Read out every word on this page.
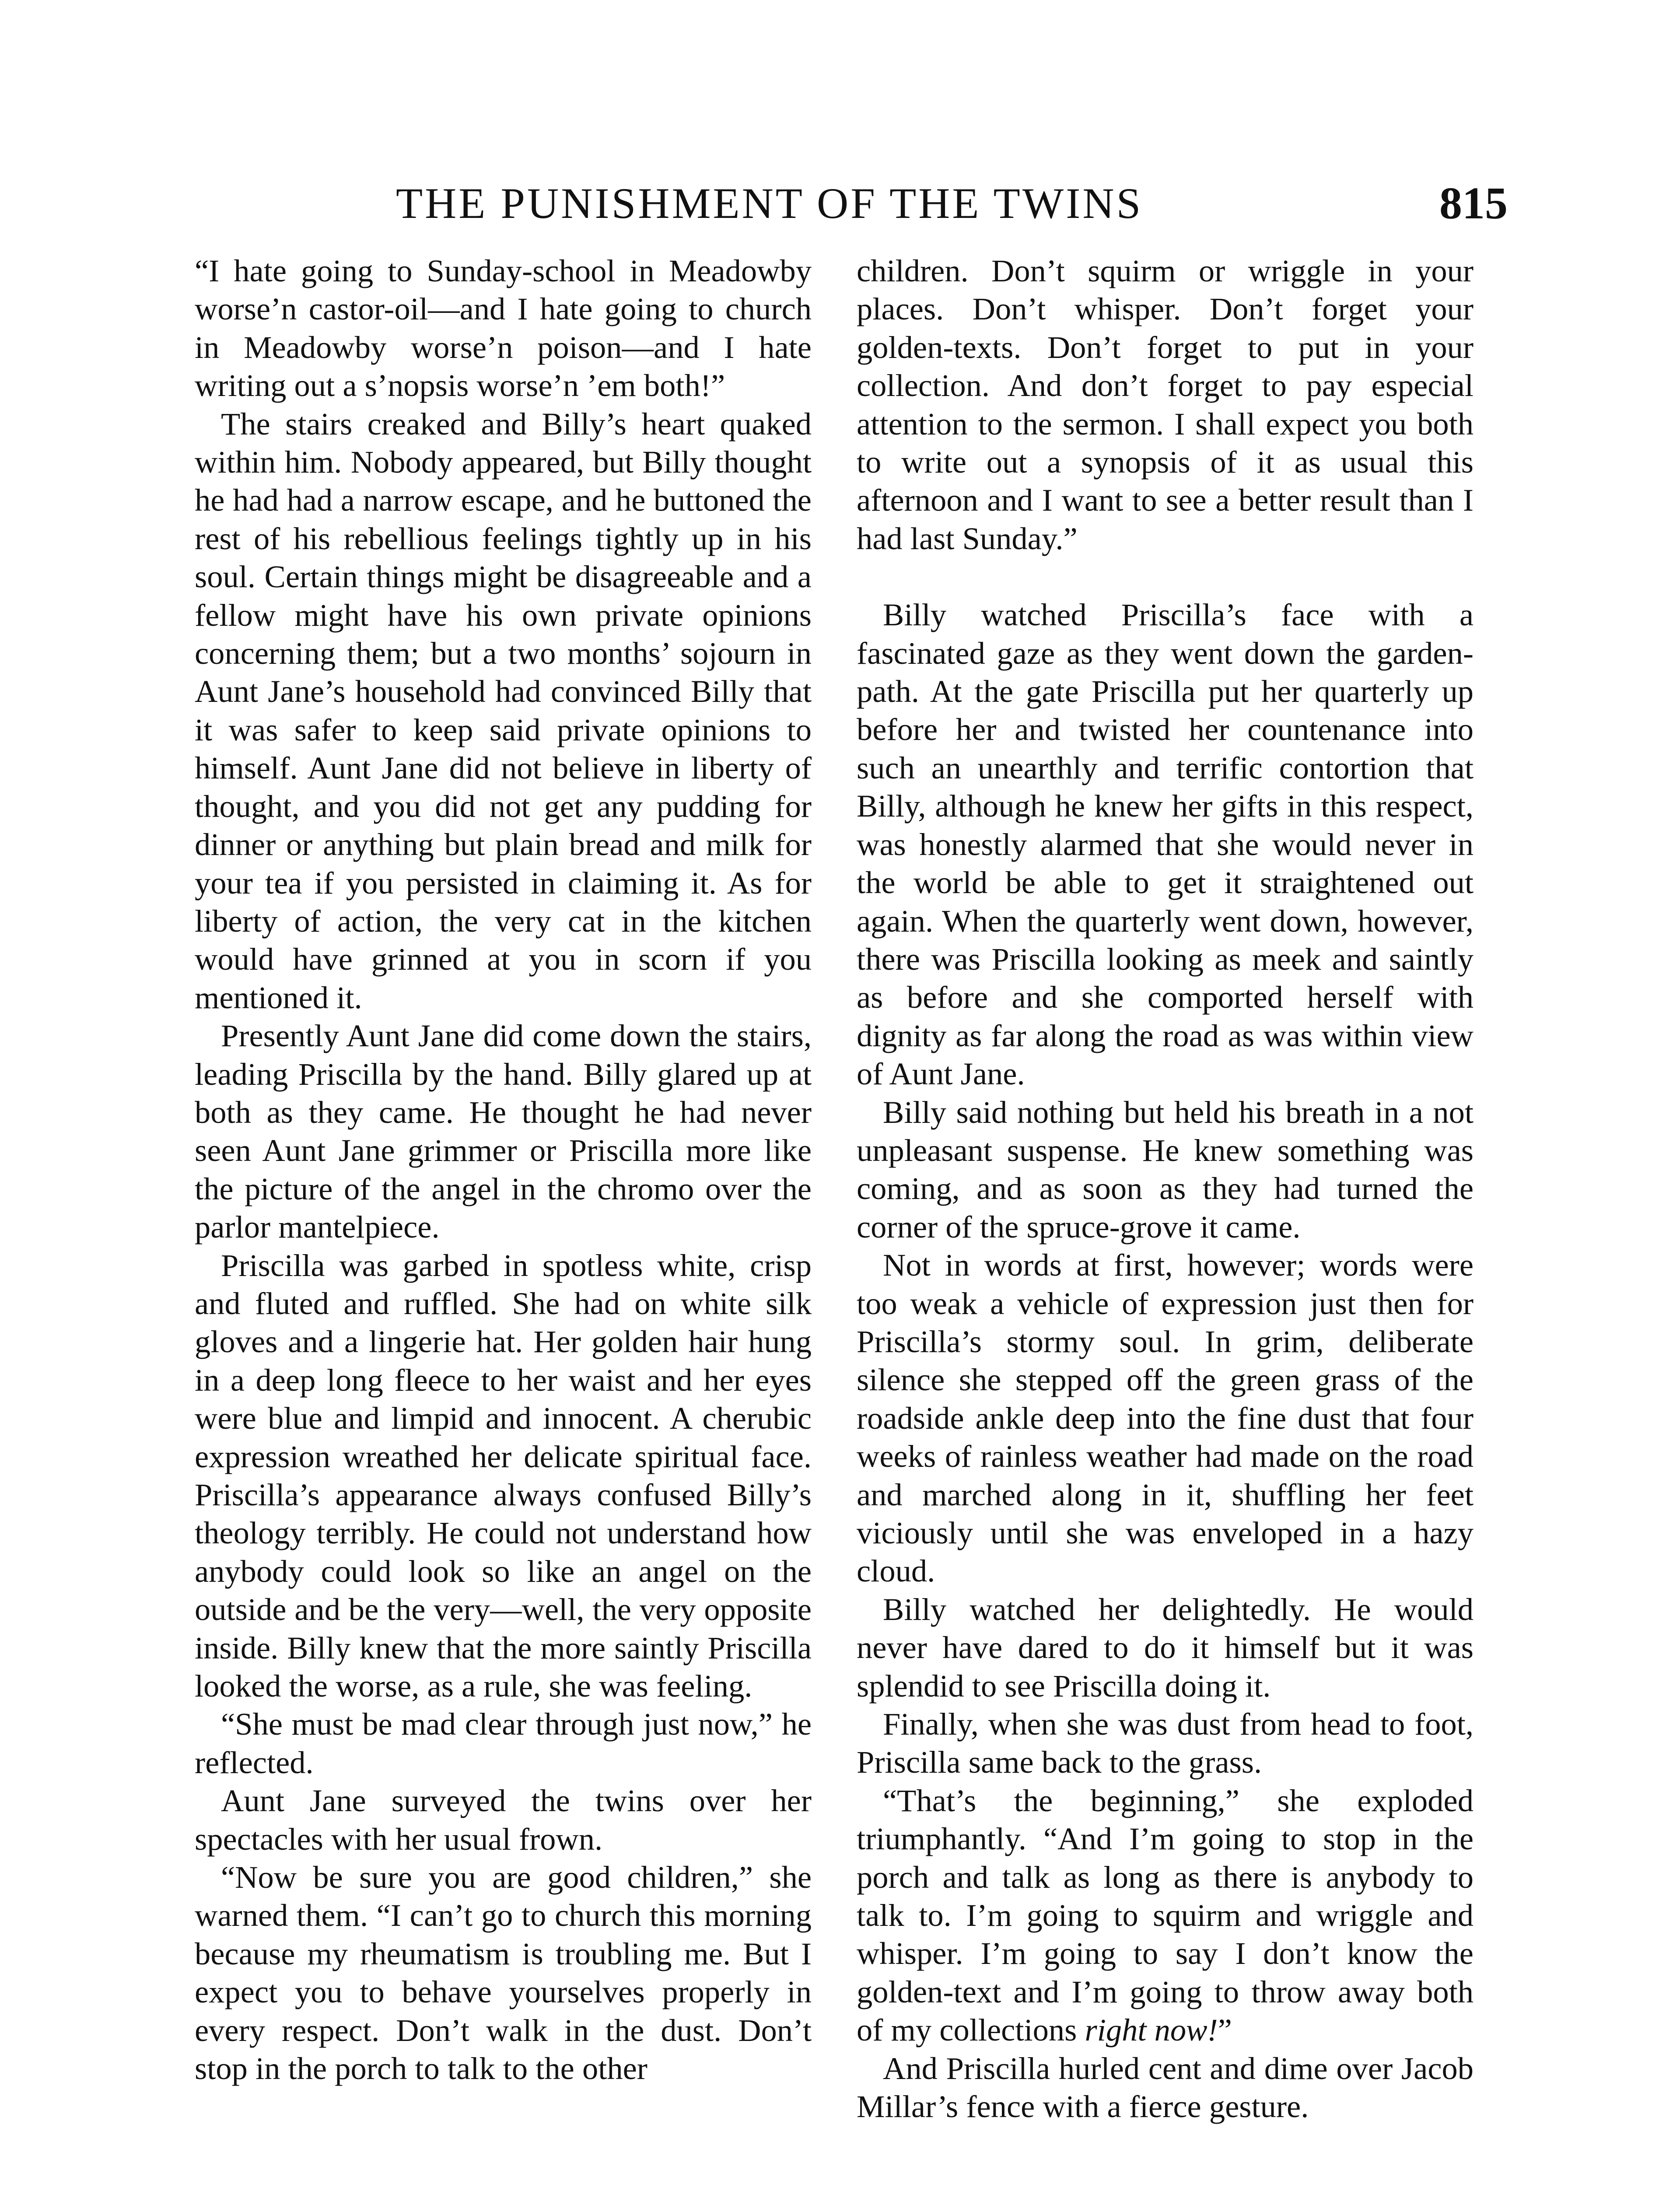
THE PUNISHMENT OF THE TWINS	815

“I hate going to Sunday-school in Meadowby worse’n castor-oil—and I hate going to church in Meadowby worse’n poison—and I hate writing out a s’nopsis worse’n ’em both!”

The stairs creaked and Billy’s heart quaked within him. Nobody appeared, but Billy thought he had had a narrow escape, and he buttoned the rest of his rebellious feelings tightly up in his soul. Certain things might be disagreeable and a fellow might have his own private opinions concerning them; but a two months’ sojourn in Aunt Jane’s household had convinced Billy that it was safer to keep said private opinions to himself. Aunt Jane did not believe in liberty of thought, and you did not get any pudding for dinner or anything but plain bread and milk for your tea if you persisted in claiming it. As for liberty of action, the very cat in the kitchen would have grinned at you in scorn if you mentioned it.

Presently Aunt Jane did come down the stairs, leading Priscilla by the hand. Billy glared up at both as they came. He thought he had never seen Aunt Jane grimmer or Priscilla more like the picture of the angel in the chromo over the parlor mantelpiece.

Priscilla was garbed in spotless white, crisp and fluted and ruffled. She had on white silk gloves and a lingerie hat. Her golden hair hung in a deep long fleece to her waist and her eyes were blue and limpid and innocent. A cherubic expression wreathed her delicate spiritual face. Priscilla’s appearance always confused Billy’s theology terribly. He could not understand how anybody could look so like an angel on the outside and be the very—well, the very opposite inside. Billy knew that the more saintly Priscilla looked the worse, as a rule, she was feeling.

“She must be mad clear through just now,” he reflected.

Aunt Jane surveyed the twins over her spectacles with her usual frown.

“Now be sure you are good children,” she warned them. “I can’t go to church this morning because my rheumatism is troubling me. But I expect you to behave yourselves properly in every respect. Don’t walk in the dust. Don’t stop in the porch to talk to the other

children. Don’t squirm or wriggle in your places. Don’t whisper. Don’t forget your golden-texts. Don’t forget to put in your collection. And don’t forget to pay especial attention to the sermon. I shall expect you both to write out a synopsis of it as usual this afternoon and I want to see a better result than I had last Sunday.”

Billy watched Priscilla’s face with a fascinated gaze as they went down the garden-path. At the gate Priscilla put her quarterly up before her and twisted her countenance into such an unearthly and terrific contortion that Billy, although he knew her gifts in this respect, was honestly alarmed that she would never in the world be able to get it straightened out again. When the quarterly went down, however, there was Priscilla looking as meek and saintly as before and she comported herself with dignity as far along the road as was within view of Aunt Jane.

Billy said nothing but held his breath in a not unpleasant suspense. He knew something was coming, and as soon as they had turned the corner of the spruce-grove it came.

Not in words at first, however; words were too weak a vehicle of expression just then for Priscilla’s stormy soul. In grim, deliberate silence she stepped off the green grass of the roadside ankle deep into the fine dust that four weeks of rainless weather had made on the road and marched along in it, shuffling her feet viciously until she was enveloped in a hazy cloud.

Billy watched her delightedly. He would never have dared to do it himself but it was splendid to see Priscilla doing it.

Finally, when she was dust from head to foot, Priscilla same back to the grass.

“That’s the beginning,” she exploded triumphantly. “And I’m going to stop in the porch and talk as long as there is anybody to talk to. I’m going to squirm and wriggle and whisper. I’m going to say I don’t know the golden-text and I’m going to throw away both of my collections right now!”

And Priscilla hurled cent and dime over Jacob Millar’s fence with a fierce gesture.
